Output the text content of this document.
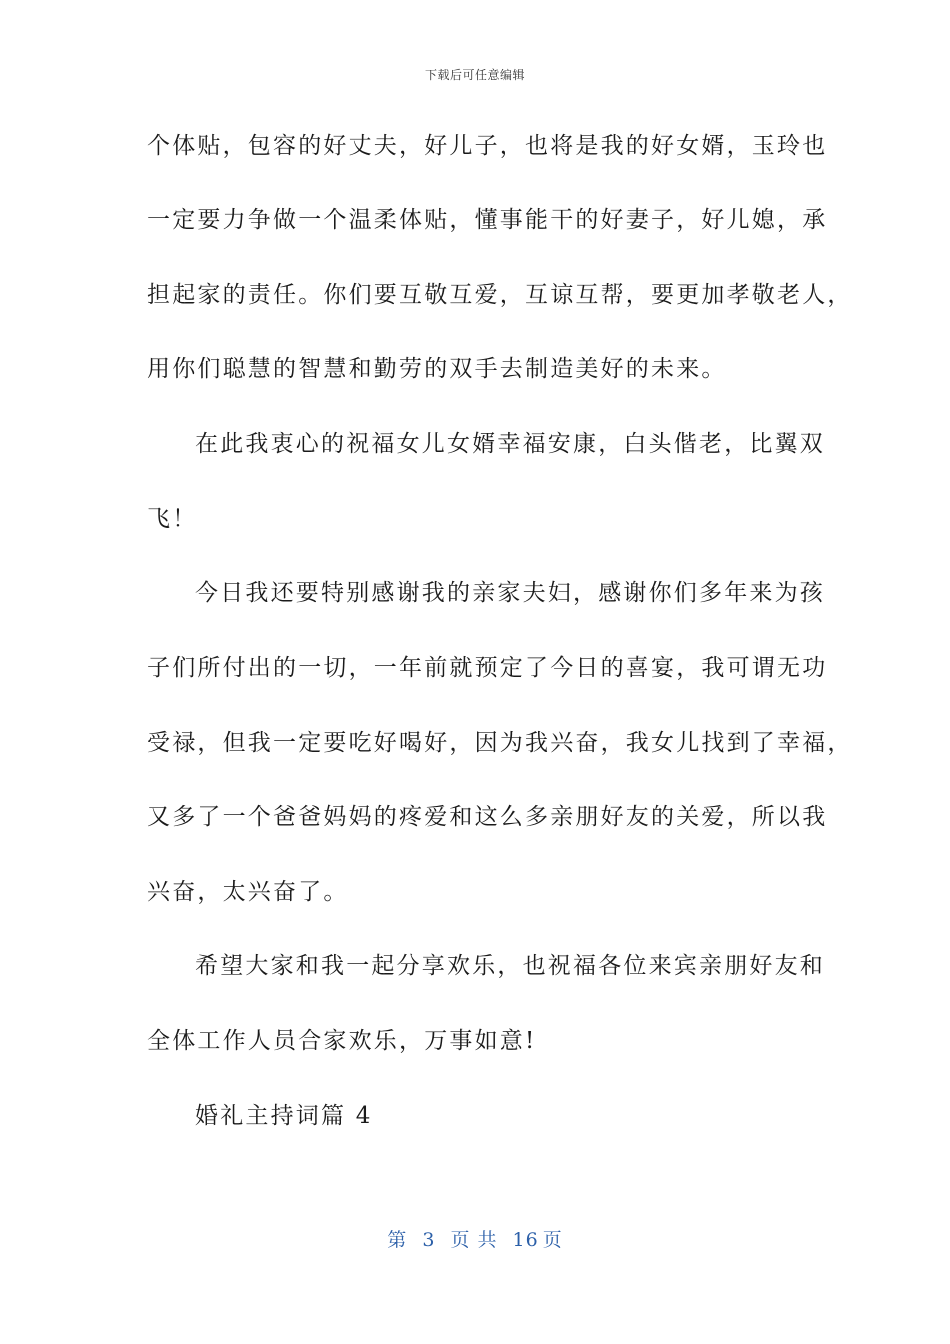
下载后可任意编辑
个体贴，包容的好丈夫，好儿子，也将是我的好女婿，玉玲也
一定要力争做一个温柔体贴，懂事能干的好妻子，好儿媳，承
担起家的责任。你们要互敬互爱，互谅互帮，要更加孝敬老人，
用你们聪慧的智慧和勤劳的双手去制造美好的未来。
在此我衷心的祝福女儿女婿幸福安康，白头偕老，比翼双
飞！
今日我还要特别感谢我的亲家夫妇，感谢你们多年来为孩
子们所付出的一切，一年前就预定了今日的喜宴，我可谓无功
受禄，但我一定要吃好喝好，因为我兴奋，我女儿找到了幸福，
又多了一个爸爸妈妈的疼爱和这么多亲朋好友的关爱，所以我
兴奋，太兴奋了。
希望大家和我一起分享欢乐，也祝福各位来宾亲朋好友和
全体工作人员合家欢乐，万事如意!
婚礼主持词篇 4
第 3 页 共 16 页
